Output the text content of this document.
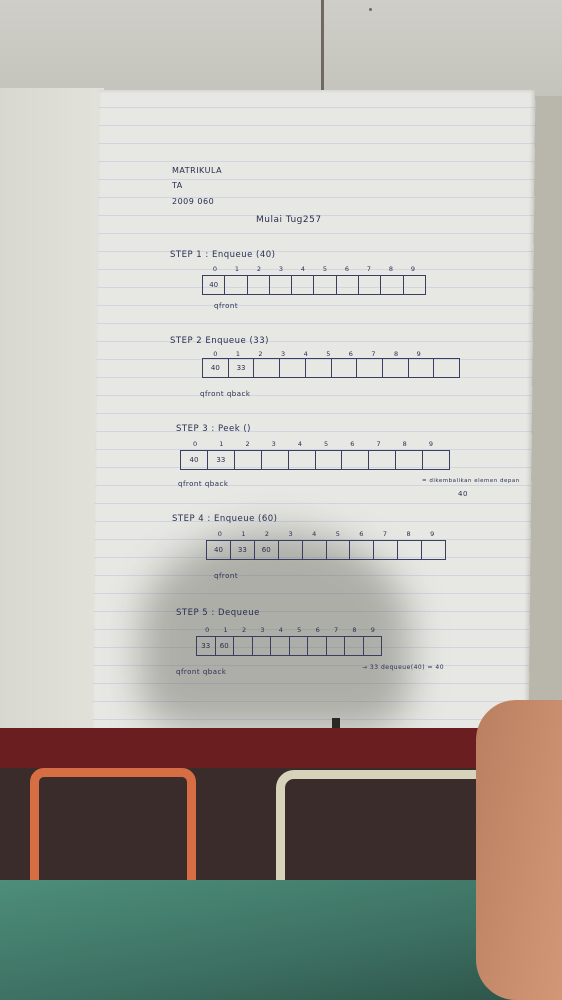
MATRIKULA
TA
2009 060
Mulai Tug257
STEP 1 : Enqueue (40)
0	1	2	3	4	5	6	7	8	9
40
qfront
STEP 2 Enqueue (33)
0	1	2	3	4	5	6	7	8	9
40	33
qfront qback
STEP 3 : Peek ()
0	1	2	3	4	5	6	7	8	9
40	33
qfront qback	= dikembalikan elemen depan
40
STEP 4 : Enqueue (60)
0	1	2	3	4	5	6	7	8	9
40	33	60
qfront
STEP 5 : Dequeue
0	1	2	3	4	5	6	7	8	9
33	60
qfront qback
→ 33 dequeue(40) = 40
